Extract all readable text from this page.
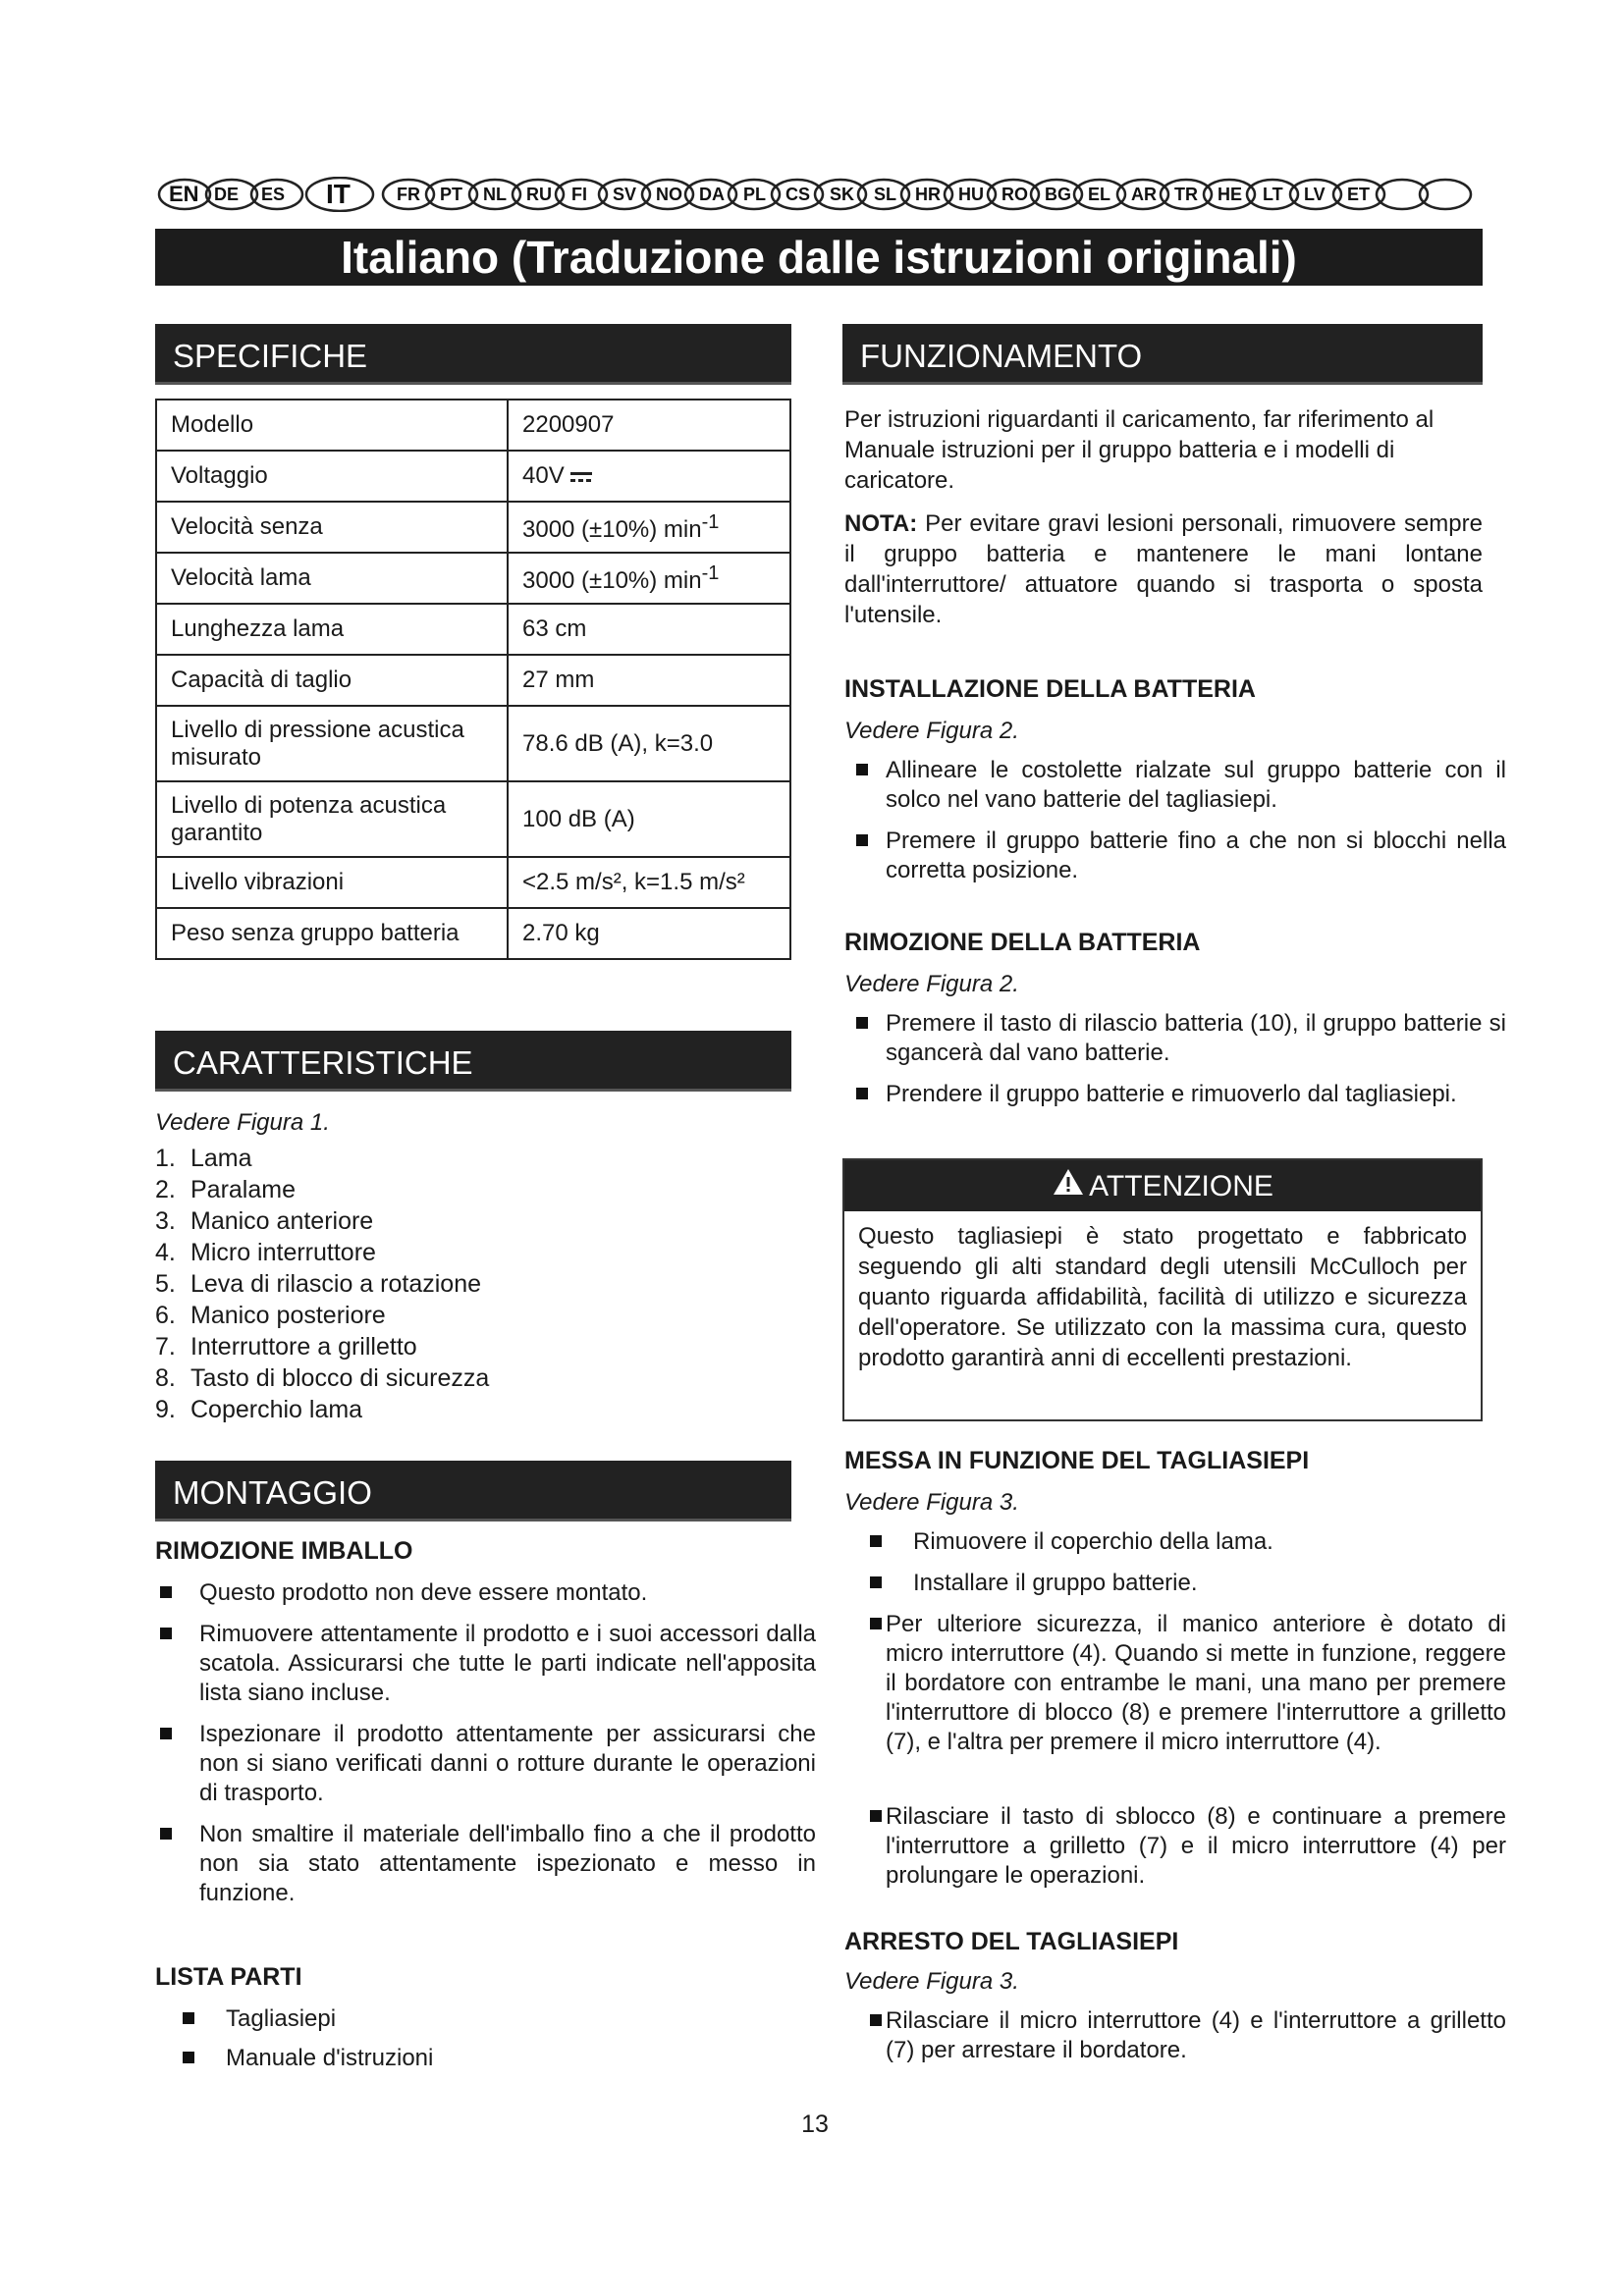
EN DE ES IT	FR PT NL RU FI SV NO DA PL CS SK SL HR HU RO BG EL AR TR HE LT LV ET
Italiano (Traduzione dalle istruzioni originali)
SPECIFICHE
Modello	2200907
Voltaggio	40V

Velocità senza	3000 (±10%) $\min^{-1}$
Velocità lama	3000 (±10%) $\min^{-1}$
Lunghezza lama	63 cm
Capacità di taglio	27 mm
Livello di pressione acustica misurato	78.6 dB (A), k=3.0
Livello di potenza acustica garantito	100 dB (A)
Livello vibrazioni	<2.5 m/s², k=1.5 m/s²
Peso senza gruppo batteria	2.70 kg
CARATTERISTICHE
Vedere Figura 1.
1. Lama
2. Paralame
3. Manico anteriore
4. Micro interruttore
5. Leva di rilascio a rotazione
6. Manico posteriore
7. Interruttore a grilletto
8. Tasto di blocco di sicurezza
9. Coperchio lama
MONTAGGIO
RIMOZIONE IMBALLO
Questo prodotto non deve essere montato.
Rimuovere attentamente il prodotto e i suoi accessori dalla scatola. Assicurarsi che tutte le parti indicate nell'apposita lista siano incluse.
Ispezionare il prodotto attentamente per assicurarsi che non si siano verificati danni o rotture durante le operazioni di trasporto.
Non smaltire il materiale dell'imballo fino a che il prodotto non sia stato attentamente ispezionato e messo in funzione.
LISTA PARTI
Tagliasiepi
Manuale d'istruzioni
FUNZIONAMENTO
Per istruzioni riguardanti il caricamento, far riferimento al Manuale istruzioni per il gruppo batteria e i modelli di caricatore.
NOTA: Per evitare gravi lesioni personali, rimuovere sempre il gruppo batteria e mantenere le mani lontane dall'interruttore/ attuatore quando si trasporta o sposta l'utensile.
INSTALLAZIONE DELLA BATTERIA
Vedere Figura 2.
Allineare le costolette rialzate sul gruppo batterie con il solco nel vano batterie del tagliasiepi.
Premere il gruppo batterie fino a che non si blocchi nella corretta posizione.
RIMOZIONE DELLA BATTERIA
Vedere Figura 2.
Premere il tasto di rilascio batteria (10), il gruppo batterie si sgancerà dal vano batterie.
Prendere il gruppo batterie e rimuoverlo dal tagliasiepi.
ATTENZIONE
Questo tagliasiepi è stato progettato e fabbricato seguendo gli alti standard degli utensili McCulloch per quanto riguarda affidabilità, facilità di utilizzo e sicurezza dell'operatore. Se utilizzato con la massima cura, questo prodotto garantirà anni di eccellenti prestazioni.
MESSA IN FUNZIONE DEL TAGLIASIEPI
Vedere Figura 3.
Rimuovere il coperchio della lama.
Installare il gruppo batterie.
Per ulteriore sicurezza, il manico anteriore è dotato di micro interruttore (4). Quando si mette in funzione, reggere il bordatore con entrambe le mani, una mano per premere l'interruttore di blocco (8) e premere l'interruttore a grilletto (7), e l'altra per premere il micro interruttore (4).
Rilasciare il tasto di sblocco (8) e continuare a premere l'interruttore a grilletto (7) e il micro interruttore (4) per prolungare le operazioni.
ARRESTO DEL TAGLIASIEPI
Vedere Figura 3.
Rilasciare il micro interruttore (4) e l'interruttore a grilletto (7) per arrestare il bordatore.
13
